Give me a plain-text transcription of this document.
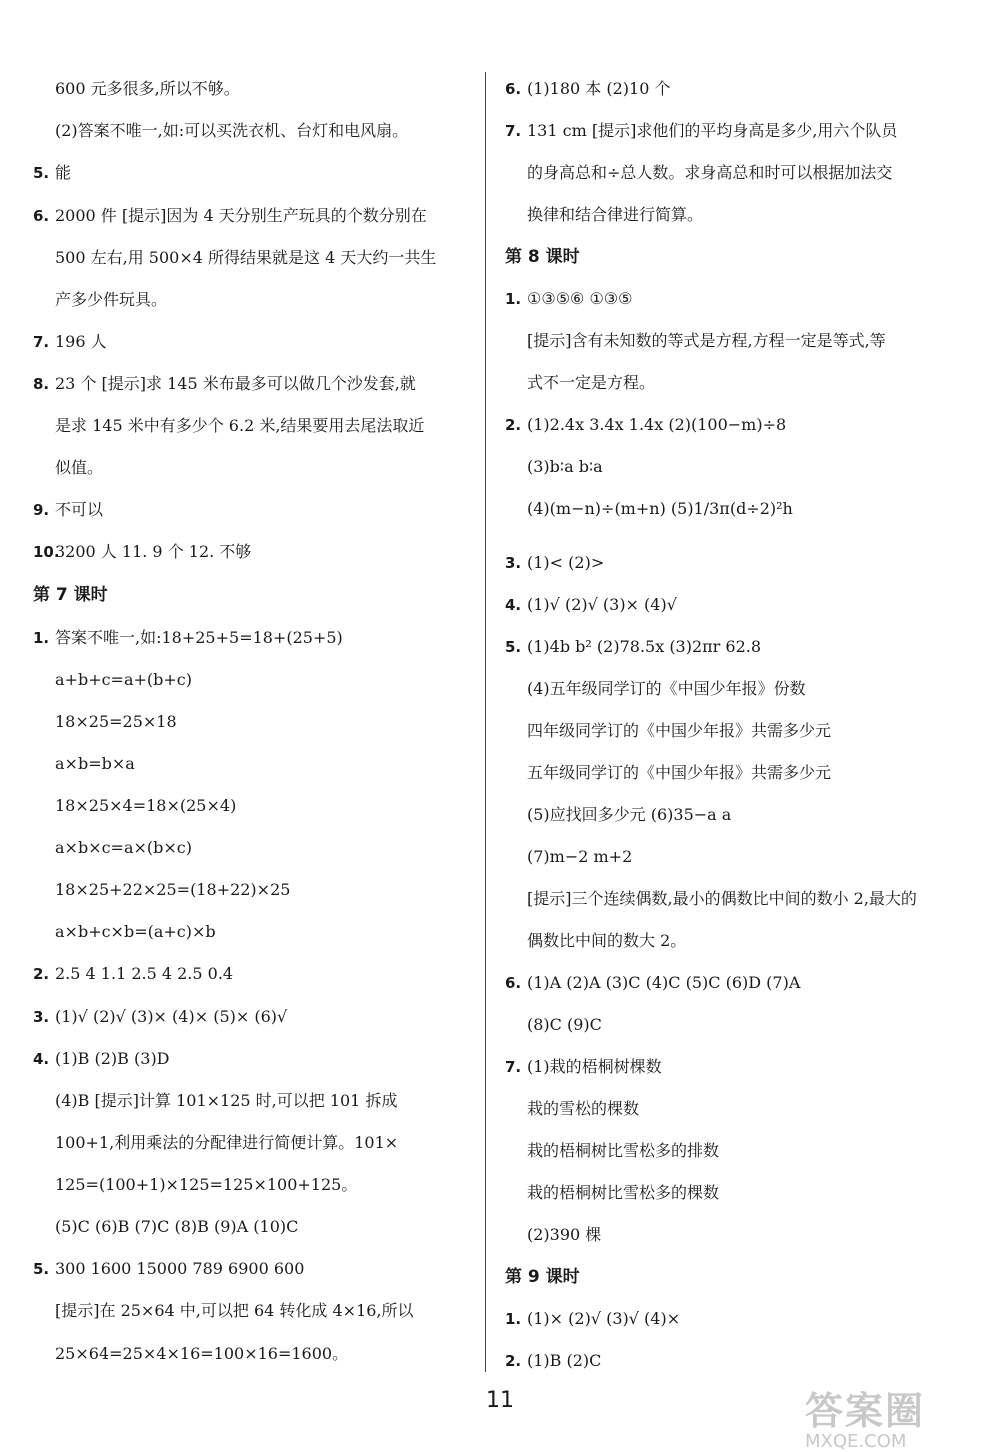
600 元多很多,所以不够。
(2)答案不唯一,如:可以买洗衣机、台灯和电风扇。
5. 能
6. 2000 件 [提示]因为 4 天分别生产玩具的个数分别在
500 左右,用 500×4 所得结果就是这 4 天大约一共生
产多少件玩具。
7. 196 人
8. 23 个 [提示]求 145 米布最多可以做几个沙发套,就
是求 145 米中有多少个 6.2 米,结果要用去尾法取近
似值。
9. 不可以
10.3200 人 11. 9 个 12. 不够
第 7 课时
1. 答案不唯一,如:18+25+5=18+(25+5)
a+b+c=a+(b+c)
18×25=25×18
a×b=b×a
18×25×4=18×(25×4)
a×b×c=a×(b×c)
18×25+22×25=(18+22)×25
a×b+c×b=(a+c)×b
2. 2.5 4 1.1 2.5 4 2.5 0.4
3. (1)√ (2)√ (3)× (4)× (5)× (6)√
4. (1)B (2)B (3)D
(4)B [提示]计算 101×125 时,可以把 101 拆成
100+1,利用乘法的分配律进行简便计算。101×
125=(100+1)×125=125×100+125。
(5)C (6)B (7)C (8)B (9)A (10)C
5. 300 1600 15000 789 6900 600
[提示]在 25×64 中,可以把 64 转化成 4×16,所以
25×64=25×4×16=100×16=1600。
6. (1)180 本 (2)10 个
7. 131 cm [提示]求他们的平均身高是多少,用六个队员
的身高总和÷总人数。求身高总和时可以根据加法交
换律和结合律进行简算。
第 8 课时
1. ①③⑤⑥ ①③⑤
[提示]含有未知数的等式是方程,方程一定是等式,等
式不一定是方程。
2. (1)2.4x 3.4x 1.4x (2)(100−m)÷8
(3)b∶a b∶a
(4)(m−n)÷(m+n) (5)1/3π(d÷2)²h
3. (1)< (2)>
4. (1)√ (2)√ (3)× (4)√
5. (1)4b b² (2)78.5x (3)2πr 62.8
(4)五年级同学订的《中国少年报》份数
四年级同学订的《中国少年报》共需多少元
五年级同学订的《中国少年报》共需多少元
(5)应找回多少元 (6)35−a a
(7)m−2 m+2
[提示]三个连续偶数,最小的偶数比中间的数小 2,最大的
偶数比中间的数大 2。
6. (1)A (2)A (3)C (4)C (5)C (6)D (7)A
(8)C (9)C
7. (1)栽的梧桐树棵数
栽的雪松的棵数
栽的梧桐树比雪松多的排数
栽的梧桐树比雪松多的棵数
(2)390 棵
第 9 课时
1. (1)× (2)√ (3)√ (4)×
2. (1)B (2)C
11	答案圈
MXQE.COM
